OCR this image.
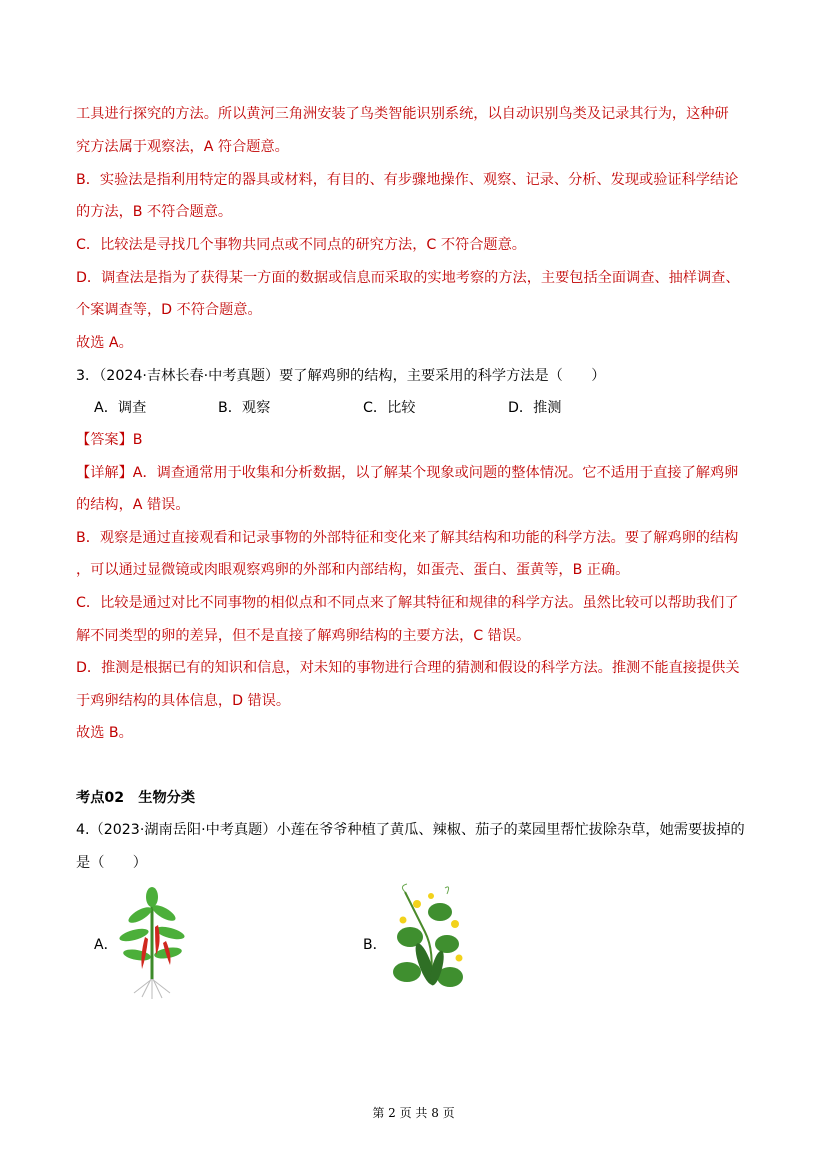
工具进行探究的方法。所以黄河三角洲安装了鸟类智能识别系统，以自动识别鸟类及记录其行为，这种研
究方法属于观察法，A 符合题意。
B．实验法是指利用特定的器具或材料，有目的、有步骤地操作、观察、记录、分析、发现或验证科学结论
的方法，B 不符合题意。
C．比较法是寻找几个事物共同点或不同点的研究方法，C 不符合题意。
D．调查法是指为了获得某一方面的数据或信息而采取的实地考察的方法，主要包括全面调查、抽样调查、
个案调查等，D 不符合题意。
故选 A。
3．（2024·吉林长春·中考真题）要了解鸡卵的结构，主要采用的科学方法是（　　）
A．调查	B．观察	C．比较	D．推测
【答案】B
【详解】A．调查通常用于收集和分析数据，以了解某个现象或问题的整体情况。它不适用于直接了解鸡卵
的结构，A 错误。
B．观察是通过直接观看和记录事物的外部特征和变化来了解其结构和功能的科学方法。要了解鸡卵的结构
，可以通过显微镜或肉眼观察鸡卵的外部和内部结构，如蛋壳、蛋白、蛋黄等，B 正确。
C．比较是通过对比不同事物的相似点和不同点来了解其特征和规律的科学方法。虽然比较可以帮助我们了
解不同类型的卵的差异，但不是直接了解鸡卵结构的主要方法，C 错误。
D．推测是根据已有的知识和信息，对未知的事物进行合理的猜测和假设的科学方法。推测不能直接提供关
于鸡卵结构的具体信息，D 错误。
故选 B。
考点02　生物分类
4.（2023·湖南岳阳·中考真题）小莲在爷爷种植了黄瓜、辣椒、茄子的菜园里帮忙拔除杂草，她需要拔掉的
是（　　）
A．	B．
第 2 页 共 8 页
